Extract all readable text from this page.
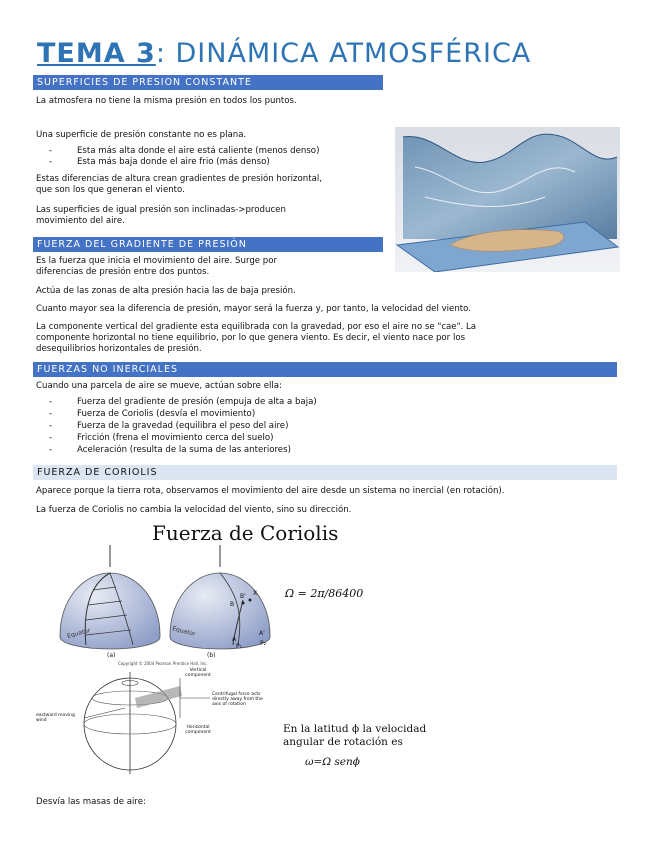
TEMA 3: DINÁMICA ATMOSFÉRICA
SUPERFICIES DE PRESION CONSTANTE
La atmosfera no tiene la misma presión en todos los puntos.
Una superficie de presión constante no es plana.
-	Esta más alta donde el aire está caliente (menos denso)
-	Esta más baja donde el aire frio (más denso)
Estas diferencias de altura crean gradientes de presión horizontal,
que son los que generan el viento.
Las superficies de igual presión son inclinadas->producen
movimiento del aire.
FUERZA DEL GRADIENTE DE PRESIÓN
Es la fuerza que inicia el movimiento del aire. Surge por
diferencias de presión entre dos puntos.
Actúa de las zonas de alta presión hacia las de baja presión.
Cuanto mayor sea la diferencia de presión, mayor será la fuerza y, por tanto, la velocidad del viento.
La componente vertical del gradiente esta equilibrada con la gravedad, por eso el aire no se "cae". La
componente horizontal no tiene equilibrio, por lo que genera viento. Es decir, el viento nace por los
desequilibrios horizontales de presión.
FUERZAS NO INERCIALES
Cuando una parcela de aire se mueve, actúan sobre ella:
-	Fuerza del gradiente de presión (empuja de alta a baja)
-	Fuerza de Coriolis (desvía el movimiento)
-	Fuerza de la gravedad (equilibra el peso del aire)
-	Fricción (frena el movimiento cerca del suelo)
-	Aceleración (resulta de la suma de las anteriores)
FUERZA DE CORIOLIS
Aparece porque la tierra rota, observamos el movimiento del aire desde un sistema no inercial (en rotación).
La fuerza de Coriolis no cambia la velocidad del viento, sino su dirección.
Fuerza de Coriolis
Equator	Equator
(a)	(b)
B
B' X
A
A'
P₁	P₂
Ω = 2π/86400
Copyright © 2004 Pearson Prentice Hall, Inc.
Vertical component
Horizontal component
Centrifugal force acts directly away from the axis of rotation
eastward moving wind
En la latitud ϕ la velocidad
angular de rotación es
ω=Ω senϕ
Desvía las masas de aire:
